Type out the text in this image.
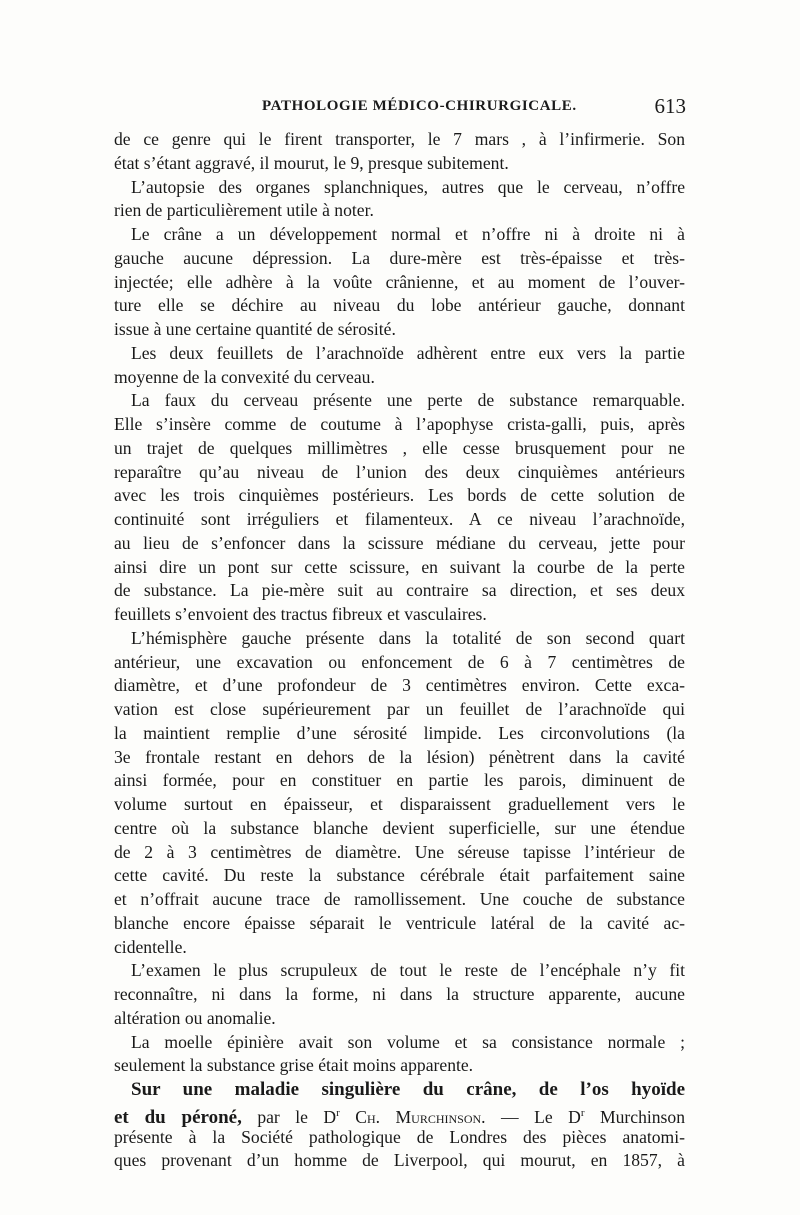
PATHOLOGIE MÉDICO-CHIRURGICALE.	613
de ce genre qui le firent transporter, le 7 mars , à l’infirmerie. Son
état s’étant aggravé, il mourut, le 9, presque subitement.
L’autopsie des organes splanchniques, autres que le cerveau, n’offre
rien de particulièrement utile à noter.
Le crâne a un développement normal et n’offre ni à droite ni à
gauche aucune dépression. La dure-mère est très-épaisse et très-
injectée; elle adhère à la voûte crânienne, et au moment de l’ouver-
ture elle se déchire au niveau du lobe antérieur gauche, donnant
issue à une certaine quantité de sérosité.
Les deux feuillets de l’arachnoïde adhèrent entre eux vers la partie
moyenne de la convexité du cerveau.
La faux du cerveau présente une perte de substance remarquable.
Elle s’insère comme de coutume à l’apophyse crista-galli, puis, après
un trajet de quelques millimètres , elle cesse brusquement pour ne
reparaître qu’au niveau de l’union des deux cinquièmes antérieurs
avec les trois cinquièmes postérieurs. Les bords de cette solution de
continuité sont irréguliers et filamenteux. A ce niveau l’arachnoïde,
au lieu de s’enfoncer dans la scissure médiane du cerveau, jette pour
ainsi dire un pont sur cette scissure, en suivant la courbe de la perte
de substance. La pie-mère suit au contraire sa direction, et ses deux
feuillets s’envoient des tractus fibreux et vasculaires.
L’hémisphère gauche présente dans la totalité de son second quart
antérieur, une excavation ou enfoncement de 6 à 7 centimètres de
diamètre, et d’une profondeur de 3 centimètres environ. Cette exca-
vation est close supérieurement par un feuillet de l’arachnoïde qui
la maintient remplie d’une sérosité limpide. Les circonvolutions (la
3e frontale restant en dehors de la lésion) pénètrent dans la cavité
ainsi formée, pour en constituer en partie les parois, diminuent de
volume surtout en épaisseur, et disparaissent graduellement vers le
centre où la substance blanche devient superficielle, sur une étendue
de 2 à 3 centimètres de diamètre. Une séreuse tapisse l’intérieur de
cette cavité. Du reste la substance cérébrale était parfaitement saine
et n’offrait aucune trace de ramollissement. Une couche de substance
blanche encore épaisse séparait le ventricule latéral de la cavité ac-
cidentelle.
L’examen le plus scrupuleux de tout le reste de l’encéphale n’y fit
reconnaître, ni dans la forme, ni dans la structure apparente, aucune
altération ou anomalie.
La moelle épinière avait son volume et sa consistance normale ;
seulement la substance grise était moins apparente.
Sur une maladie singulière du crâne, de l’os hyoïde
et du péroné, par le $D^r$ Ch. Murchinson. — Le $D^r$ Murchinson
présente à la Société pathologique de Londres des pièces anatomi-
ques provenant d’un homme de Liverpool, qui mourut, en 1857, à
